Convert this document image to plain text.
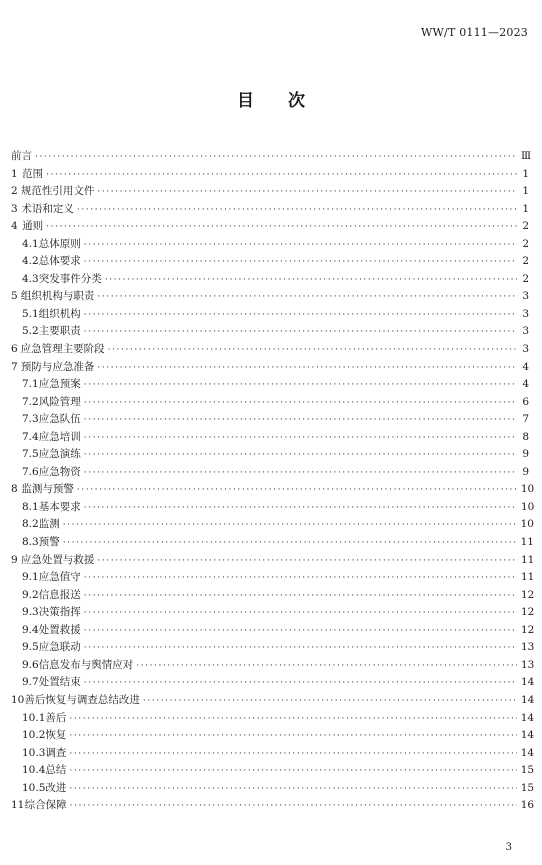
WW/T 0111—2023
目　　次
前言 ·····	Ⅲ
1 范围 ·····	1
2 规范性引用文件 ·····	1
3 术语和定义 ·····	1
4 通则 ·····	2
4.1 总体原则 ·····	2
4.2 总体要求 ·····	2
4.3 突发事件分类 ·····	2
5 组织机构与职责 ·····	3
5.1 组织机构 ·····	3
5.2 主要职责 ·····	3
6 应急管理主要阶段 ·····	3
7 预防与应急准备 ·····	4
7.1 应急预案 ·····	4
7.2 风险管理 ·····	6
7.3 应急队伍 ·····	7
7.4 应急培训 ·····	8
7.5 应急演练 ·····	9
7.6 应急物资 ·····	9
8 监测与预警 ·····	10
8.1 基本要求 ·····	10
8.2 监测 ·····	10
8.3 预警 ·····	11
9 应急处置与救援 ·····	11
9.1 应急值守 ·····	11
9.2 信息报送 ·····	12
9.3 决策指挥 ·····	12
9.4 处置救援 ·····	12
9.5 应急联动 ·····	13
9.6 信息发布与舆情应对 ·····	13
9.7 处置结束 ·····	14
10 善后恢复与调查总结改进 ·····	14
10.1 善后 ·····	14
10.2 恢复 ·····	14
10.3 调查 ·····	14
10.4 总结 ·····	15
10.5 改进 ·····	15
11 综合保障 ·····	16
3
